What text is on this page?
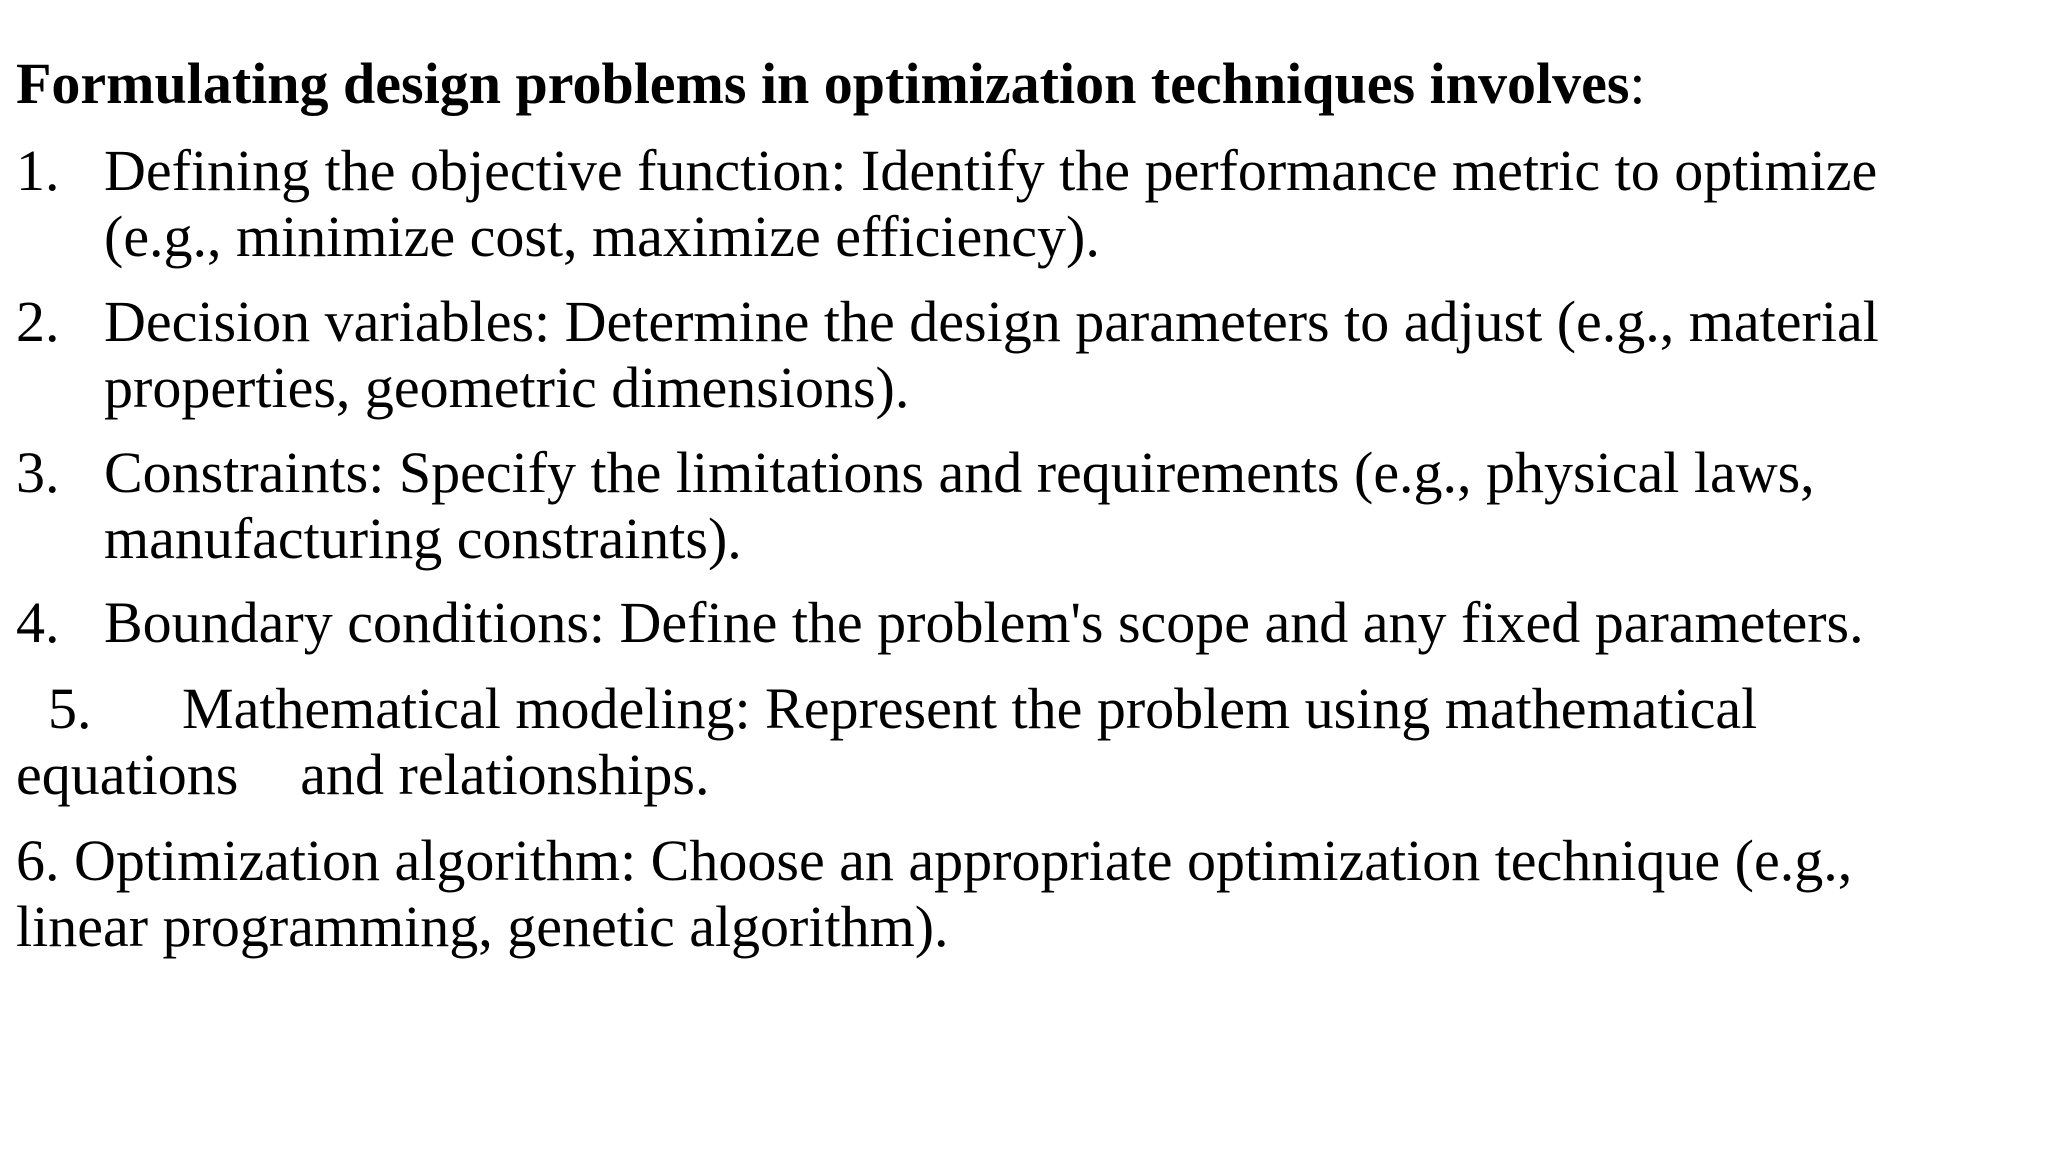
Formulating design problems in optimization techniques involves:
1. Defining the objective function: Identify the performance metric to optimize (e.g., minimize cost, maximize efficiency).
2. Decision variables: Determine the design parameters to adjust (e.g., material properties, geometric dimensions).
3. Constraints: Specify the limitations and requirements (e.g., physical laws, manufacturing constraints).
4. Boundary conditions: Define the problem's scope and any fixed parameters.
5. Mathematical modeling: Represent the problem using mathematical
equations and relationships.
6. Optimization algorithm: Choose an appropriate optimization technique (e.g., linear programming, genetic algorithm).
